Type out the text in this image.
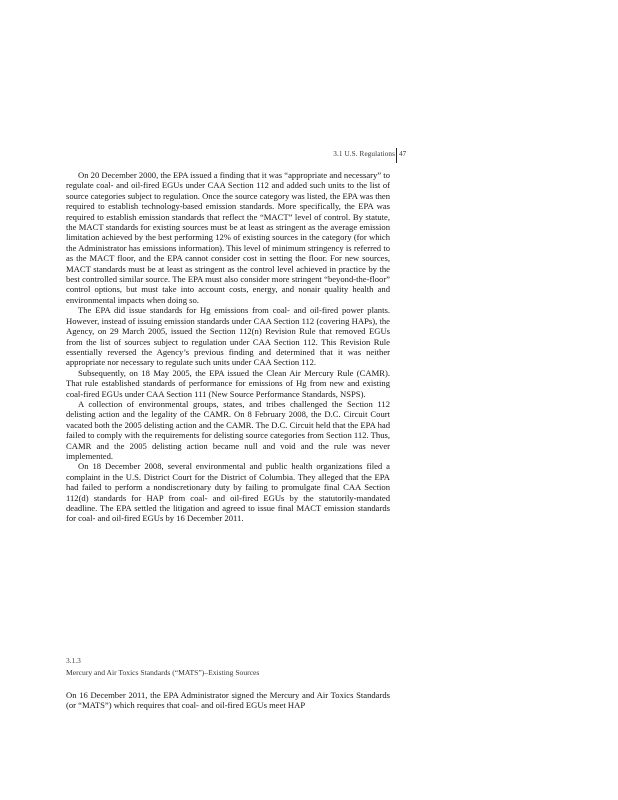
3.1 U.S. Regulations 47

On 20 December 2000, the EPA issued a finding that it was “appropriate and necessary” to regulate coal- and oil-fired EGUs under CAA Section 112 and added such units to the list of source categories subject to regulation. Once the source category was listed, the EPA was then required to establish technology-based emission standards. More specifically, the EPA was required to establish emission standards that reflect the “MACT” level of control. By statute, the MACT standards for existing sources must be at least as stringent as the average emission limitation achieved by the best performing 12% of existing sources in the category (for which the Administrator has emissions information). This level of minimum stringency is referred to as the MACT floor, and the EPA cannot consider cost in setting the floor. For new sources, MACT standards must be at least as stringent as the control level achieved in practice by the best controlled similar source. The EPA must also consider more stringent “beyond-the-floor” control options, but must take into account costs, energy, and nonair quality health and environmental impacts when doing so.

The EPA did issue standards for Hg emissions from coal- and oil-fired power plants. However, instead of issuing emission standards under CAA Section 112 (covering HAPs), the Agency, on 29 March 2005, issued the Section 112(n) Revision Rule that removed EGUs from the list of sources subject to regulation under CAA Section 112. This Revision Rule essentially reversed the Agency’s previous finding and determined that it was neither appropriate nor necessary to regulate such units under CAA Section 112.

Subsequently, on 18 May 2005, the EPA issued the Clean Air Mercury Rule (CAMR). That rule established standards of performance for emissions of Hg from new and existing coal-fired EGUs under CAA Section 111 (New Source Performance Standards, NSPS).

A collection of environmental groups, states, and tribes challenged the Section 112 delisting action and the legality of the CAMR. On 8 February 2008, the D.C. Circuit Court vacated both the 2005 delisting action and the CAMR. The D.C. Circuit held that the EPA had failed to comply with the requirements for delisting source categories from Section 112. Thus, CAMR and the 2005 delisting action became null and void and the rule was never implemented.

On 18 December 2008, several environmental and public health organizations filed a complaint in the U.S. District Court for the District of Columbia. They alleged that the EPA had failed to perform a nondiscretionary duty by failing to promulgate final CAA Section 112(d) standards for HAP from coal- and oil-fired EGUs by the statutorily-mandated deadline. The EPA settled the litigation and agreed to issue final MACT emission standards for coal- and oil-fired EGUs by 16 December 2011.

3.1.3
Mercury and Air Toxics Standards (“MATS”)–Existing Sources

On 16 December 2011, the EPA Administrator signed the Mercury and Air Toxics Standards (or “MATS”) which requires that coal- and oil-fired EGUs meet HAP
